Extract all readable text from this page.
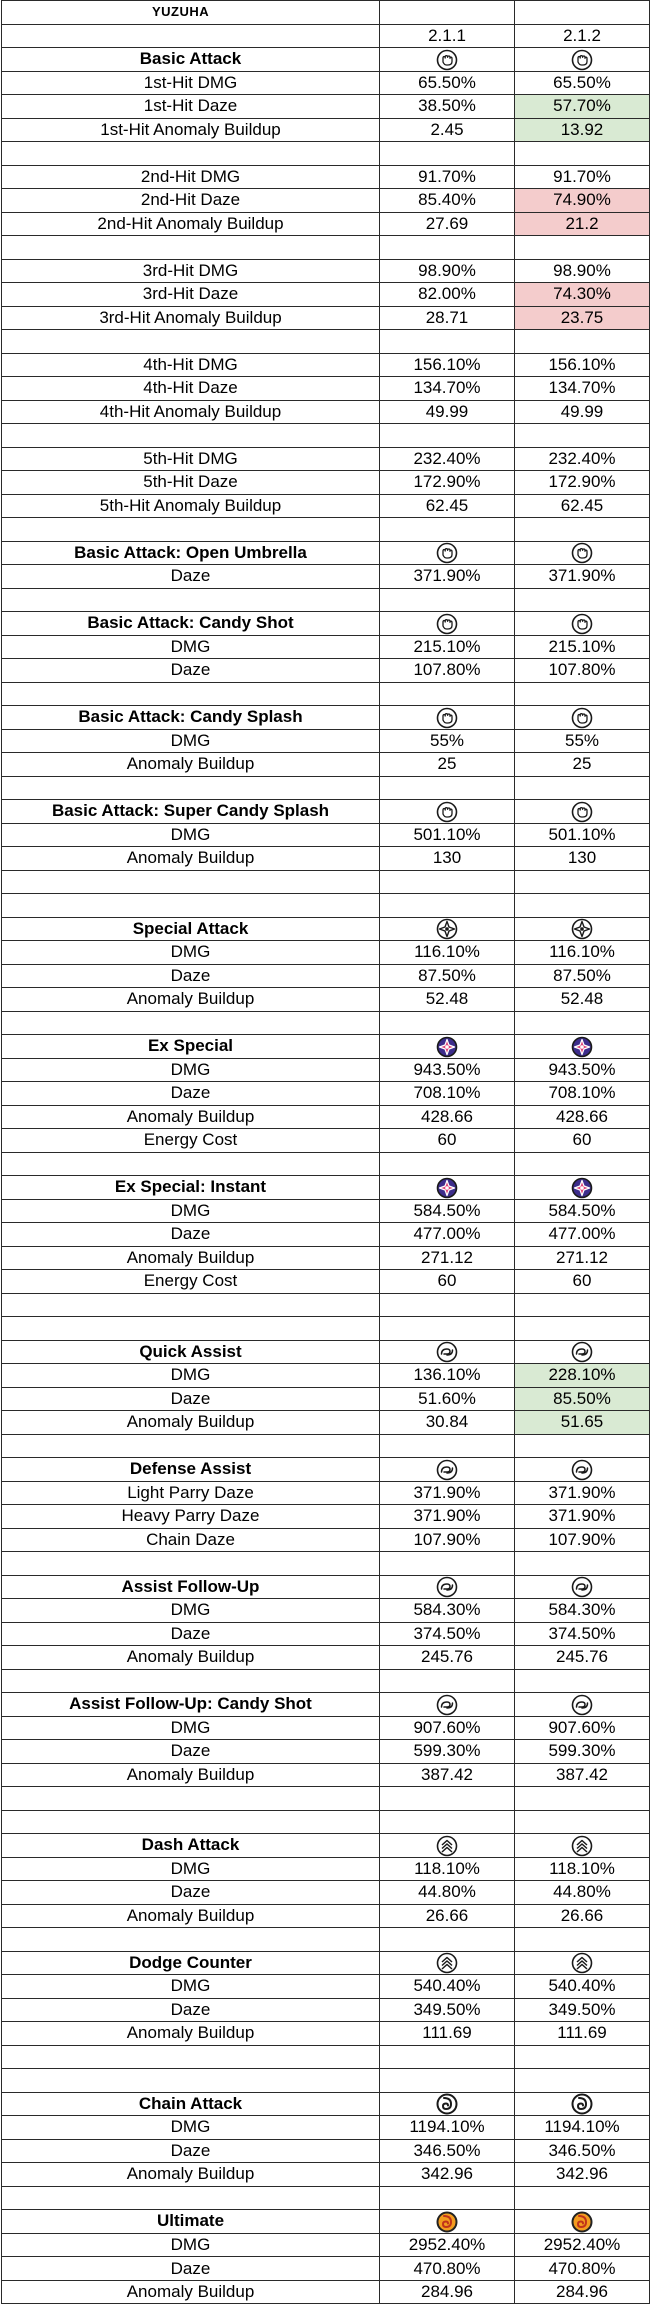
YUZUHA		
	2.1.1	2.1.2
Basic Attack	

1st-Hit DMG	65.50%	65.50%
1st-Hit Daze	38.50%	57.70%
1st-Hit Anomaly Buildup	2.45	13.92

2nd-Hit DMG	91.70%	91.70%
2nd-Hit Daze	85.40%	74.90%
2nd-Hit Anomaly Buildup	27.69	21.2

3rd-Hit DMG	98.90%	98.90%
3rd-Hit Daze	82.00%	74.30%
3rd-Hit Anomaly Buildup	28.71	23.75

4th-Hit DMG	156.10%	156.10%
4th-Hit Daze	134.70%	134.70%
4th-Hit Anomaly Buildup	49.99	49.99

5th-Hit DMG	232.40%	232.40%
5th-Hit Daze	172.90%	172.90%
5th-Hit Anomaly Buildup	62.45	62.45

Basic Attack: Open Umbrella	

Daze	371.90%	371.90%

Basic Attack: Candy Shot	

DMG	215.10%	215.10%
Daze	107.80%	107.80%

Basic Attack: Candy Splash	

DMG	55%	55%
Anomaly Buildup	25	25

Basic Attack: Super Candy Splash	

DMG	501.10%	501.10%
Anomaly Buildup	130	130

Special Attack	

DMG	116.10%	116.10%
Daze	87.50%	87.50%
Anomaly Buildup	52.48	52.48

Ex Special	

DMG	943.50%	943.50%
Daze	708.10%	708.10%
Anomaly Buildup	428.66	428.66
Energy Cost	60	60

Ex Special: Instant	

DMG	584.50%	584.50%
Daze	477.00%	477.00%
Anomaly Buildup	271.12	271.12
Energy Cost	60	60

Quick Assist	

DMG	136.10%	228.10%
Daze	51.60%	85.50%
Anomaly Buildup	30.84	51.65

Defense Assist	

Light Parry Daze	371.90%	371.90%
Heavy Parry Daze	371.90%	371.90%
Chain Daze	107.90%	107.90%

Assist Follow-Up	

DMG	584.30%	584.30%
Daze	374.50%	374.50%
Anomaly Buildup	245.76	245.76

Assist Follow-Up: Candy Shot	

DMG	907.60%	907.60%
Daze	599.30%	599.30%
Anomaly Buildup	387.42	387.42

Dash Attack	

DMG	118.10%	118.10%
Daze	44.80%	44.80%
Anomaly Buildup	26.66	26.66

Dodge Counter	

DMG	540.40%	540.40%
Daze	349.50%	349.50%
Anomaly Buildup	111.69	111.69

Chain Attack	

DMG	1194.10%	1194.10%
Daze	346.50%	346.50%
Anomaly Buildup	342.96	342.96

Ultimate	

DMG	2952.40%	2952.40%
Daze	470.80%	470.80%
Anomaly Buildup	284.96	284.96
